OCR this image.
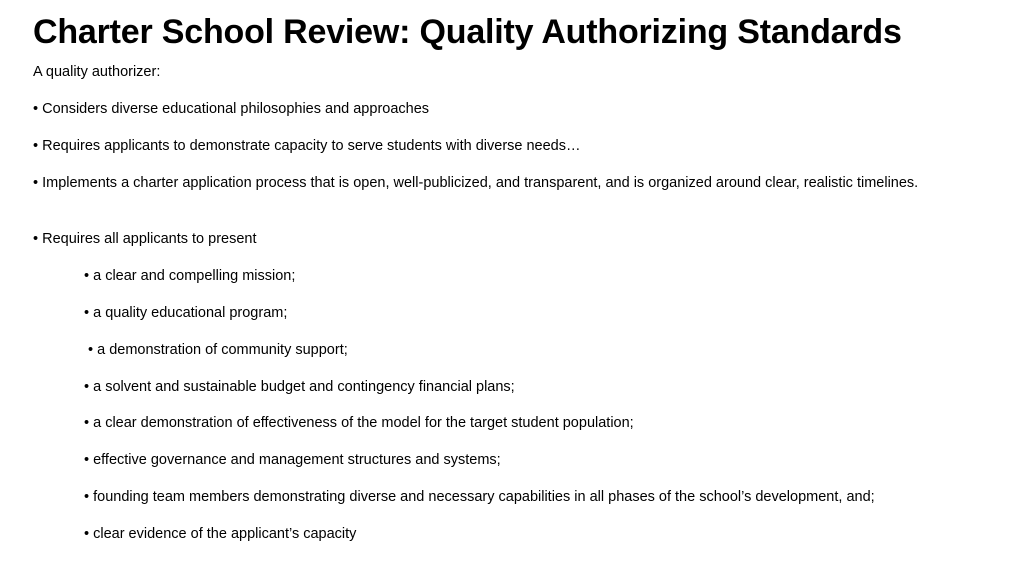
Charter School Review: Quality Authorizing Standards
A quality authorizer:
• Considers diverse educational philosophies and approaches
• Requires applicants to demonstrate capacity to serve students with diverse needs…
• Implements a charter application process that is open, well-publicized, and transparent, and is organized around clear, realistic timelines.
• Requires all applicants to present
• a clear and compelling mission;
• a quality educational program;
• a demonstration of community support;
• a solvent and sustainable budget and contingency financial plans;
• a clear demonstration of effectiveness of the model for the target student population;
• effective governance and management structures and systems;
• founding team members demonstrating diverse and necessary capabilities in all phases of the school’s development, and;
• clear evidence of the applicant’s capacity
